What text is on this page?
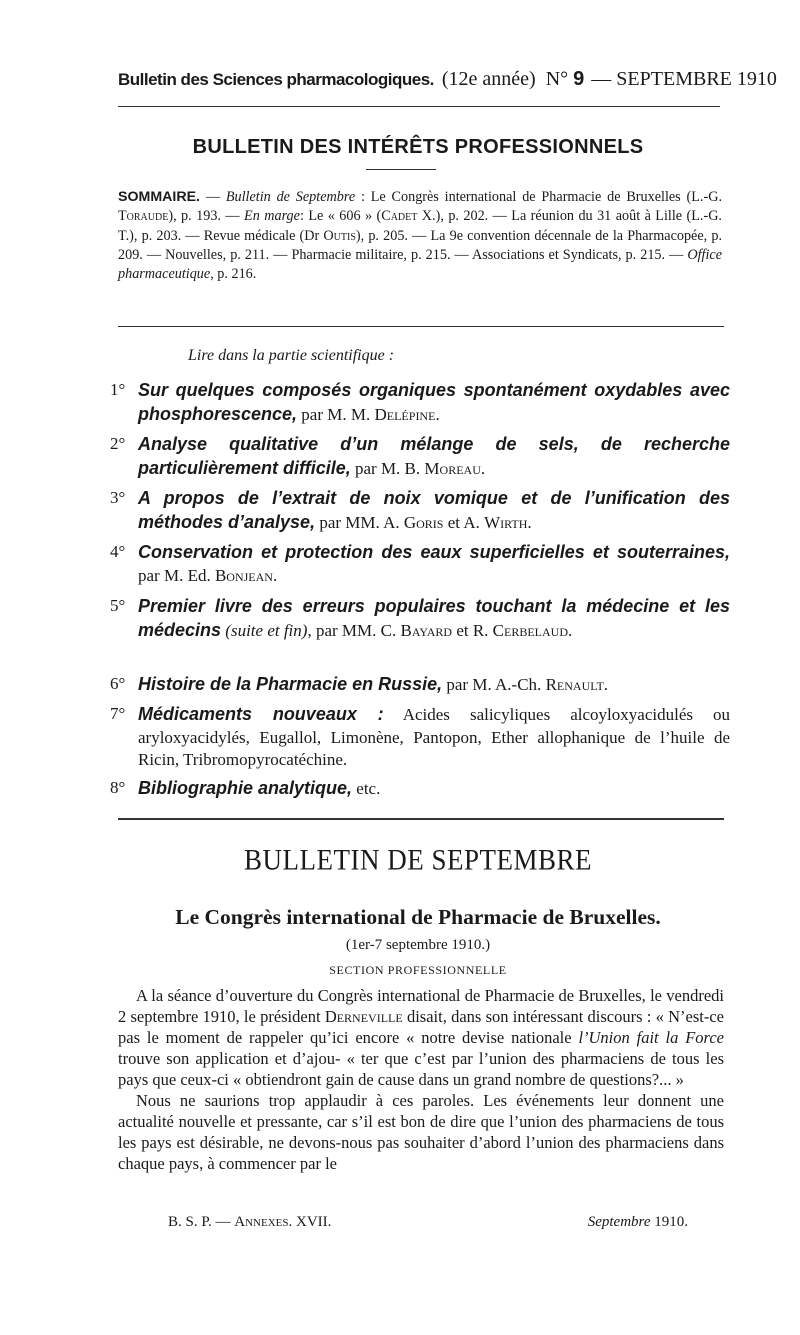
Bulletin des Sciences pharmacologiques. (12e année) N° 9 — SEPTEMBRE 1910
BULLETIN DES INTÉRÊTS PROFESSIONNELS
SOMMAIRE. — Bulletin de Septembre : Le Congrès international de Pharmacie de Bruxelles (L.-G. Toraude), p. 193. — En marge: Le « 606 » (Cadet X.), p. 202. — La réunion du 31 août à Lille (L.-G. T.), p. 203. — Revue médicale (Dr Outis), p. 205. — La 9e convention décennale de la Pharmacopée, p. 209. — Nouvelles, p. 211. — Pharmacie militaire, p. 215. — Associations et Syndicats, p. 215. — Office pharmaceutique, p. 216.
Lire dans la partie scientifique :
1° Sur quelques composés organiques spontanément oxydables avec phosphorescence, par M. M. Delépine.
2° Analyse qualitative d’un mélange de sels, de recherche particulièrement difficile, par M. B. Moreau.
3° A propos de l’extrait de noix vomique et de l’unification des méthodes d’analyse, par MM. A. Goris et A. Wirth.
4° Conservation et protection des eaux superficielles et souterraines, par M. Ed. Bonjean.
5° Premier livre des erreurs populaires touchant la médecine et les médecins (suite et fin), par MM. C. Bayard et R. Cerbelaud.
6° Histoire de la Pharmacie en Russie, par M. A.-Ch. Renault.
7° Médicaments nouveaux : Acides salicyliques alcoyloxyacidulés ou aryloxyacidylés, Eugallol, Limonène, Pantopon, Ether allophanique de l’huile de Ricin, Tribromopyrocatéchine.
8° Bibliographie analytique, etc.
BULLETIN DE SEPTEMBRE
Le Congrès international de Pharmacie de Bruxelles.
(1er-7 septembre 1910.)
SECTION PROFESSIONNELLE

A la séance d’ouverture du Congrès international de Pharmacie de Bruxelles, le vendredi 2 septembre 1910, le président Derneville disait, dans son intéressant discours : « N’est-ce pas le moment de rappeler qu’ici encore « notre devise nationale l’Union fait la Force trouve son application et d’ajou- « ter que c’est par l’union des pharmaciens de tous les pays que ceux-ci « obtiendront gain de cause dans un grand nombre de questions?... »

Nous ne saurions trop applaudir à ces paroles. Les événements leur donnent une actualité nouvelle et pressante, car s’il est bon de dire que l’union des pharmaciens de tous les pays est désirable, ne devons-nous pas souhaiter d’abord l’union des pharmaciens dans chaque pays, à commencer par le

B. S. P. — Annexes. XVII.	Septembre 1910.
